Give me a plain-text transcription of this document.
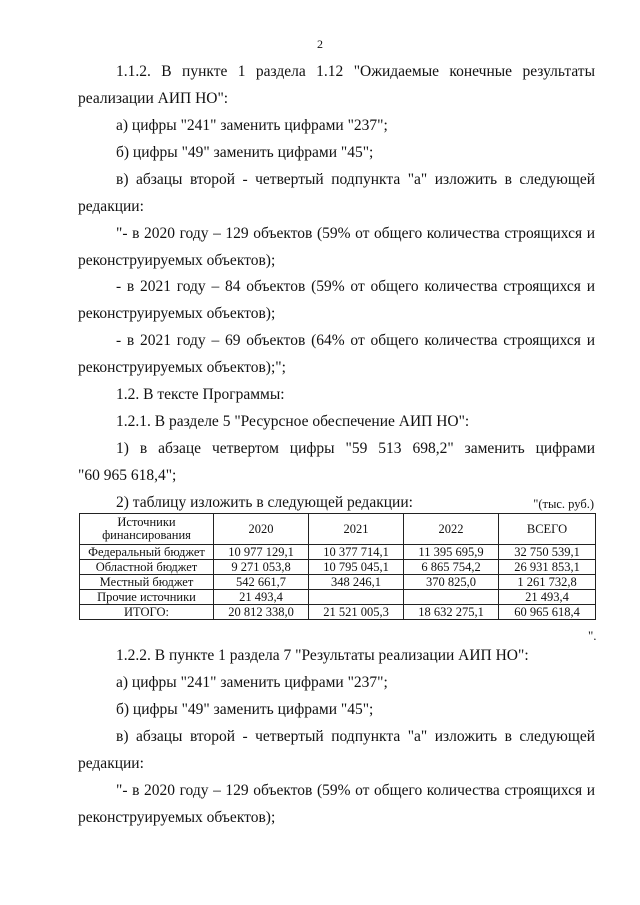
2
1.1.2. В пункте 1 раздела 1.12 "Ожидаемые конечные результаты
реализации АИП НО":
а) цифры "241" заменить цифрами "237";
б) цифры "49" заменить цифрами "45";
в) абзацы второй - четвертый подпункта "а" изложить в следующей
редакции:
"- в 2020 году – 129 объектов (59% от общего количества строящихся и
реконструируемых объектов);
- в 2021 году – 84 объектов (59% от общего количества строящихся и
реконструируемых объектов);
- в 2021 году – 69 объектов (64% от общего количества строящихся и
реконструируемых объектов);";
1.2. В тексте Программы:
1.2.1. В разделе 5 "Ресурсное обеспечение АИП НО":
1) в абзаце четвертом цифры "59 513 698,2" заменить цифрами
"60 965 618,4";
2) таблицу изложить в следующей редакции:	"(тыс. руб.)
Источники финансирования	2020	2021	2022	ВСЕГО
Федеральный бюджет	10 977 129,1	10 377 714,1	11 395 695,9	32 750 539,1
Областной бюджет	9 271 053,8	10 795 045,1	6 865 754,2	26 931 853,1
Местный бюджет	542 661,7	348 246,1	370 825,0	1 261 732,8
Прочие источники	21 493,4			21 493,4
ИТОГО:	20 812 338,0	21 521 005,3	18 632 275,1	60 965 618,4
".
1.2.2. В пункте 1 раздела 7 "Результаты реализации АИП НО":
а) цифры "241" заменить цифрами "237";
б) цифры "49" заменить цифрами "45";
в) абзацы второй - четвертый подпункта "а" изложить в следующей
редакции:
"- в 2020 году – 129 объектов (59% от общего количества строящихся и
реконструируемых объектов);
